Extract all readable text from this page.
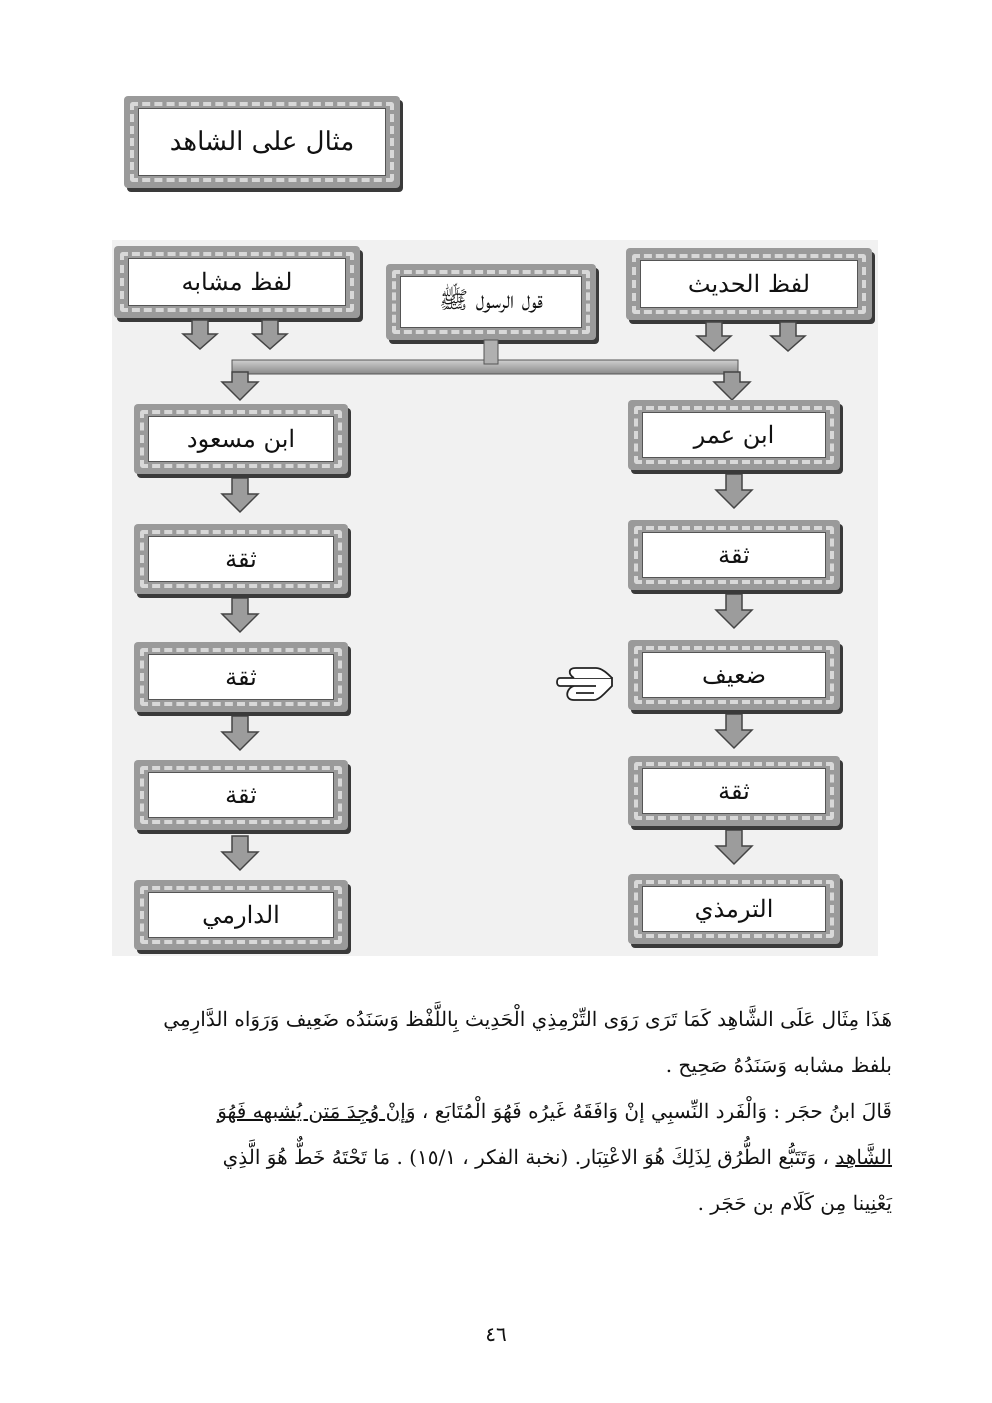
مثال على الشاهد
لفظ مشابه
قول الرسول ﷺ
لفظ الحديث
ابن مسعود
ثقة
ثقة
ثقة
الدارمي
ابن عمر
ثقة
ضعيف
ثقة
الترمذي
هَذَا مِثَال عَلَى الشَّاهِد كَمَا تَرَى رَوَى التِّرْمِذِي الْحَدِيث بِاللَّفْظ وَسَنَدُه ضَعِيف وَرَوَاه الدَّارِمِي
بلفظ مشابه وَسَنَدُهُ صَحِيح .
قَالَ ابنُ حجَر : وَالْفَرد النِّسبِي إنْ وَافَقَهُ غَيرُه فَهُوَ الْمُتَابَع ، وَإنْ وُجِدَ مَتن يُشبهه فَهُوَ
الشَّاهِد ، وَتَتَبُّع الطُّرُق لِذَلِكَ هُوَ الاعْتِبَار. (نخبة الفكر ، ١٥/١) . مَا تَحْتَهُ خَطٌّ هُوَ الَّذِي
يَعْنِينا مِن كَلَام بن حَجَر .
٤٦
